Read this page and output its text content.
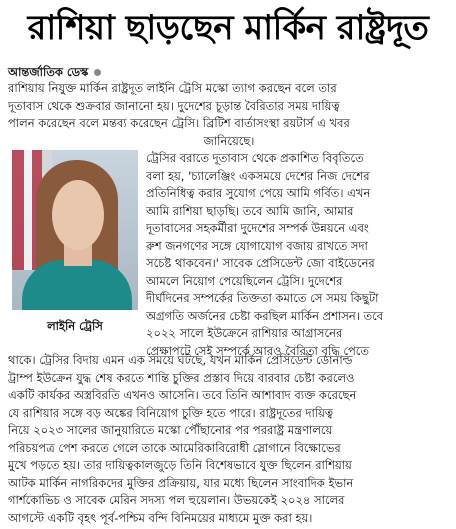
রাশিয়া ছাড়ছেন মার্কিন রাষ্ট্রদূত
আন্তর্জাতিক ডেস্ক
রাশিয়ায় নিযুক্ত মার্কিন রাষ্ট্রদূত লাইনি ট্রেসি মস্কো ত্যাগ করছেন বলে তার
দূতাবাস থেকে শুক্রবার জানানো হয়। দুদেশের চূড়ান্ত বৈরিতার সময় দায়িত্ব
পালন করেছেন বলে মন্তব্য করেছেন ট্রেসি। ব্রিটিশ বার্তাসংস্থা রয়টার্স এ খবর
জানিয়েছে।
লাইনি ট্রেসি
ট্রেসির বরাতে দূতাবাস থেকে প্রকাশিত বিবৃতিতে
বলা হয়, 'চ্যালেঞ্জিং একসময়ে দেশের নিজ দেশের
প্রতিনিধিত্ব করার সুযোগ পেয়ে আমি গর্বিত। এখন
আমি রাশিয়া ছাড়ছি। তবে আমি জানি, আমার
দূতাবাসের সহকর্মীরা দুদেশের সম্পর্ক উন্নয়নে এবং
রুশ জনগণের সঙ্গে যোগাযোগ বজায় রাখতে সদা
সচেষ্ট থাকবেন।' সাবেক প্রেসিডেন্ট জো বাইডেনের
আমলে নিয়োগ পেয়েছিলেন ট্রেসি। দুদেশের
দীর্ঘদিনের সম্পর্কের তিক্ততা কমাতে সে সময় কিছুটা
অগ্রগতি অর্জনের চেষ্টা করছিল মার্কিন প্রশাসন। তবে
২০২২ সালে ইউক্রেনে রাশিয়ার আগ্রাসনের
প্রেক্ষাপটে সেই সম্পর্কে আরও বৈরিতা বৃদ্ধি পেতে
থাকে। ট্রেসির বিদায় এমন এক সময়ে ঘটছে, যখন মার্কিন প্রেসিডেন্ট ডোনাল্ড
ট্রাম্প ইউক্রেন যুদ্ধ শেষ করতে শান্তি চুক্তির প্রস্তাব দিয়ে বারবার চেষ্টা করলেও
একটি কার্যকর অস্ত্রবিরতি এখনও আসেনি। তবে তিনি আশাবাদ ব্যক্ত করেছেন
যে রাশিয়ার সঙ্গে বড় অঙ্কের বিনিয়োগ চুক্তি হতে পারে। রাষ্ট্রদূতের দায়িত্ব
নিয়ে ২০২৩ সালের জানুয়ারিতে মস্কো পৌঁছানোর পর পররাষ্ট্র মন্ত্রণালয়ে
পরিচয়পত্র পেশ করতে গেলে তাকে আমেরিকাবিরোধী স্লোগানে বিক্ষোভের
মুখে পড়তে হয়। তার দায়িত্বকালজুড়ে তিনি বিশেষভাবে যুক্ত ছিলেন রাশিয়ায়
আটক মার্কিন নাগরিকদের মুক্তির প্রক্রিয়ায়, যার মধ্যে ছিলেন সাংবাদিক ইভান
গার্শকোভিচ ও সাবেক মেরিন সদস্য পল হুয়েলান। উভয়কেই ২০২৪ সালের
আগস্টে একটি বৃহৎ পূর্ব-পশ্চিম বন্দি বিনিময়ের মাধ্যমে মুক্ত করা হয়।
